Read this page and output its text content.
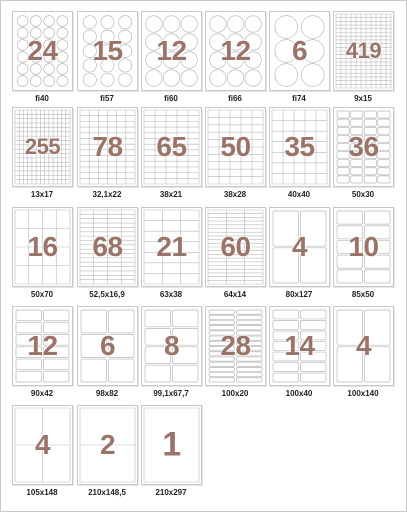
24
fi40
15
fi57
12
fi60
12
fi66
6
fi74
419
9x15
255
13x17
78
32,1x22
65
38x21
50
38x28
35
40x40
36
50x30
16
50x70
68
52,5x16,9
21
63x38
60
64x14
4
80x127
10
85x50
12
90x42
6
98x82
8
99,1x67,7
28
100x20
14
100x40
4
100x140
4
105x148
2
210x148,5
1
210x297
